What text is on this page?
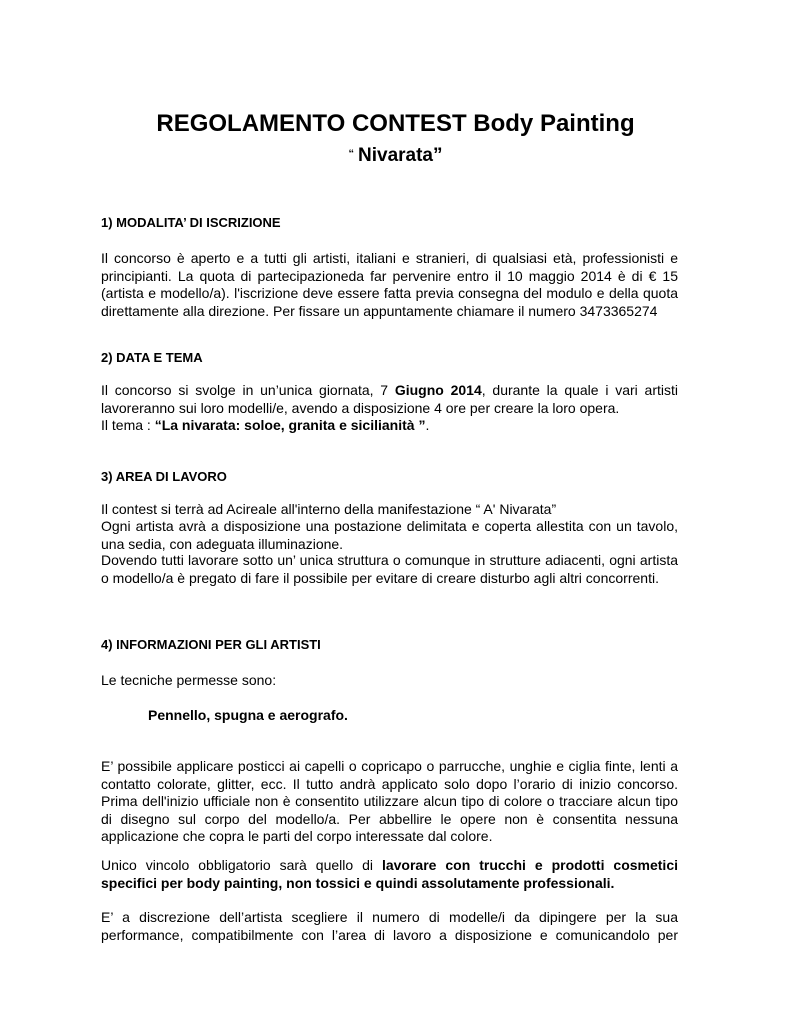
REGOLAMENTO CONTEST Body Painting
“ Nivarata”
1) MODALITA’ DI ISCRIZIONE

Il concorso è aperto e a tutti gli artisti, italiani e stranieri, di qualsiasi età, professionisti e principianti. La quota di partecipazioneda far pervenire entro il 10 maggio 2014 è di € 15 (artista e modello/a). l'iscrizione deve essere fatta previa consegna del modulo e della quota direttamente alla direzione. Per fissare un appuntamente chiamare il numero 3473365274

2) DATA E TEMA

Il concorso si svolge in un’unica giornata, 7 Giugno 2014, durante la quale i vari artisti lavoreranno sui loro modelli/e, avendo a disposizione 4 ore per creare la loro opera.

Il tema : “La nivarata: soloe, granita e sicilianità ”.

3) AREA DI LAVORO

Il contest si terrà ad Acireale all'interno della manifestazione “ A' Nivarata”

Ogni artista avrà a disposizione una postazione delimitata e coperta allestita con un tavolo, una sedia, con adeguata illuminazione.

Dovendo tutti lavorare sotto un’ unica struttura o comunque in strutture adiacenti, ogni artista o modello/a è pregato di fare il possibile per evitare di creare disturbo agli altri concorrenti.

4) INFORMAZIONI PER GLI ARTISTI

Le tecniche permesse sono:

Pennello, spugna e aerografo.

E’ possibile applicare posticci ai capelli o copricapo o parrucche, unghie e ciglia finte, lenti a contatto colorate, glitter, ecc. Il tutto andrà applicato solo dopo l’orario di inizio concorso. Prima dell'inizio ufficiale non è consentito utilizzare alcun tipo di colore o tracciare alcun tipo di disegno sul corpo del modello/a. Per abbellire le opere non è consentita nessuna applicazione che copra le parti del corpo interessate dal colore.

Unico vincolo obbligatorio sarà quello di lavorare con trucchi e prodotti cosmetici specifici per body painting, non tossici e quindi assolutamente professionali.

E’ a discrezione dell’artista scegliere il numero di modelle/i da dipingere per la sua performance, compatibilmente con l’area di lavoro a disposizione e comunicandolo per
